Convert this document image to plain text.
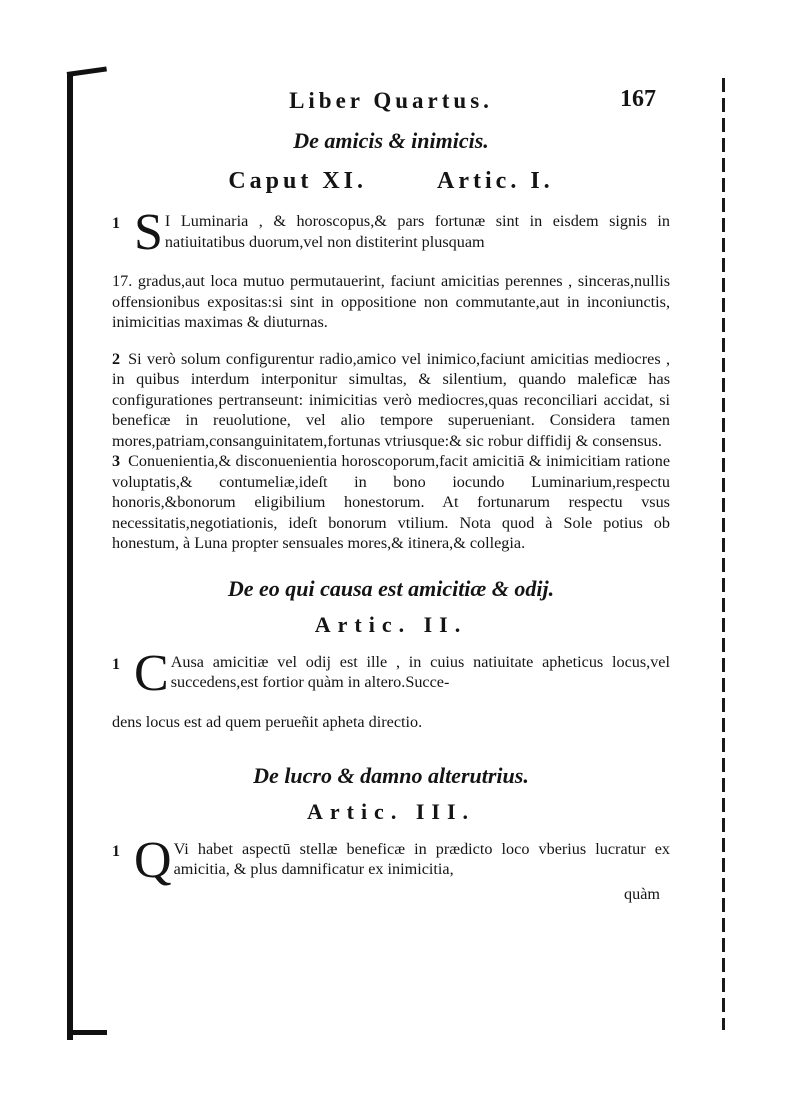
Liber Quartus.	167
De amicis & inimicis.
Caput XI.	Artic. I.
1 S I Luminaria , & horoscopus,& pars fortunæ sint in eisdem signis in natiuitatibus duorum,vel non distiterint plusquam

17. gradus,aut loca mutuo permutauerint, faciunt amicitias perennes , sinceras,nullis offensionibus expositas:si sint in oppositione non commutante,aut in inconiunctis, inimicitias maximas & diuturnas.

2 Si verò solum configurentur radio,amico vel inimico,faciunt amicitias mediocres , in quibus interdum interponitur simultas, & silentium, quando maleficæ has configurationes pertranseunt: inimicitias verò mediocres,quas reconciliari accidat, si beneficæ in reuolutione, vel alio tempore superueniant. Considera tamen mores,patriam,consanguinitatem,fortunas vtriusque:& sic robur diffidij & consensus.

3 Conuenientia,& disconuenientia horoscoporum,facit amicitiā & inimicitiam ratione voluptatis,& contumeliæ,ideſt in bono iocundo Luminarium,respectu honoris,&bonorum eligibilium honestorum. At fortunarum respectu vsus necessitatis,negotiationis, ideſt bonorum vtilium. Nota quod à Sole potius ob honestum, à Luna propter sensuales mores,& itinera,& collegia.

De eo qui causa est amicitiæ & odij.
Artic. II.
1 C Ausa amicitiæ vel odij est ille , in cuius natiuitate apheticus locus,vel succedens,est fortior quàm in altero.Succe-

dens locus est ad quem perueñit apheta directio.

De lucro & damno alterutrius.
Artic. III.
1 Q Vi habet aspectū stellæ beneficæ in prædicto loco vberius lucratur ex amicitia, & plus damnificatur ex inimicitia,
quàm
